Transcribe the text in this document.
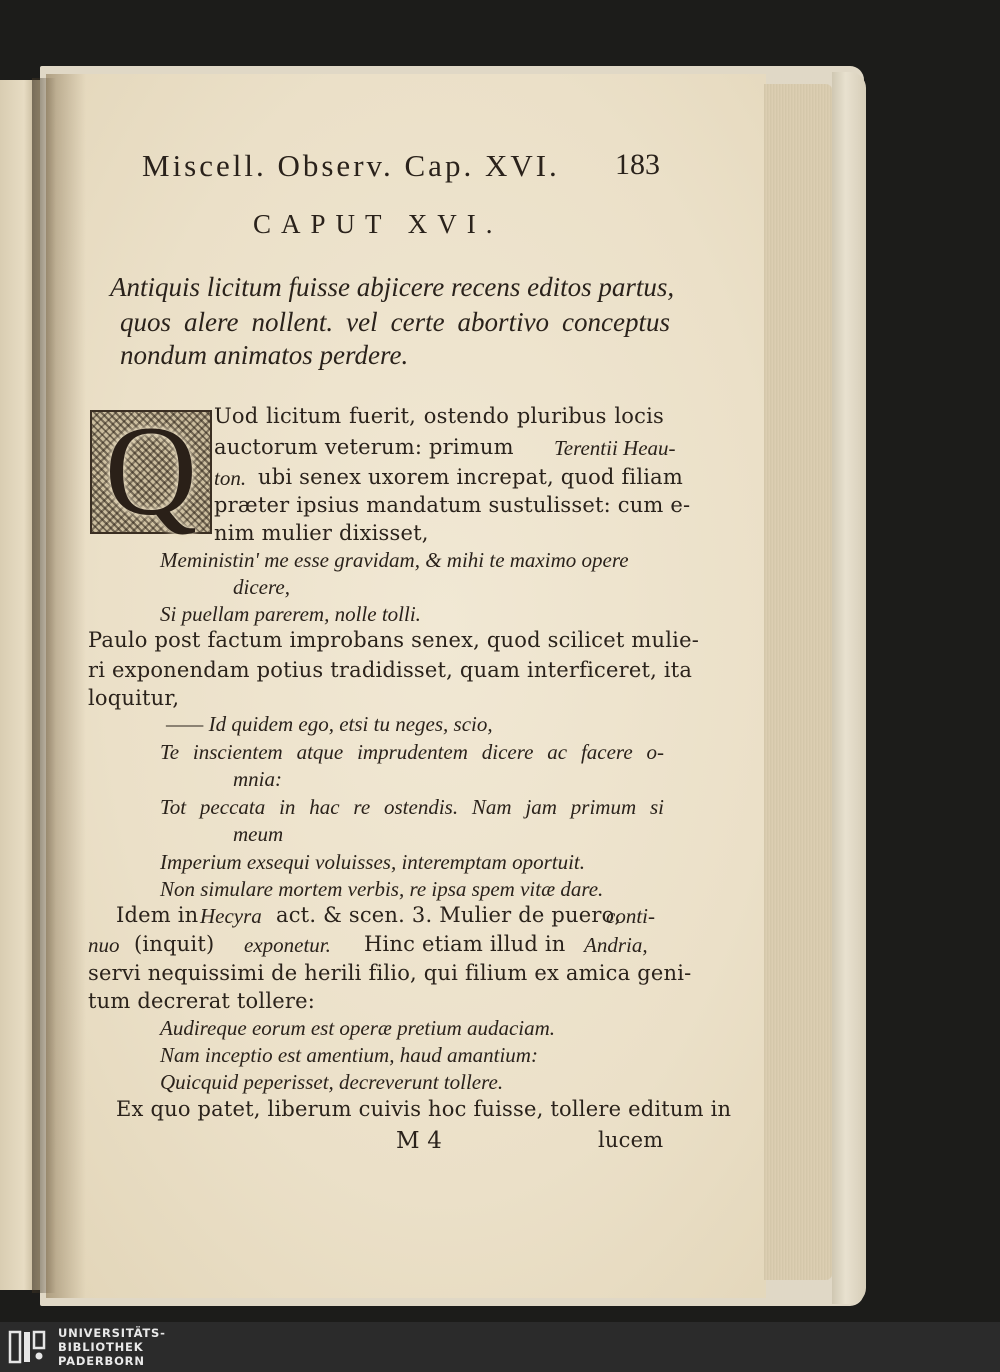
Miscell. Observ. Cap. XVI. 183
CAPUT XVI.
Antiquis licitum fuisse abjicere recens editos partus,
quos alere nollent. vel certe abortivo conceptus
nondum animatos perdere.
Q Uod licitum fuerit, ostendo pluribus locis
auctorum veterum: primum Terentii Heau-
ton. ubi senex uxorem increpat, quod filiam
præter ipsius mandatum sustulisset: cum e-
nim mulier dixisset,
Meministin' me esse gravidam, & mihi te maximo opere
dicere,
Si puellam parerem, nolle tolli.
Paulo post factum improbans senex, quod scilicet mulie-
ri exponendam potius tradidisset, quam interficeret, ita
loquitur,
—— Id quidem ego, etsi tu neges, scio,
Te inscientem atque imprudentem dicere ac facere o-
mnia:
Tot peccata in hac re ostendis. Nam jam primum si
meum
Imperium exsequi voluisses, interemptam oportuit.
Non simulare mortem verbis, re ipsa spem vitæ dare.
Idem in Hecyra act. & scen. 3. Mulier de puero,
conti-
nuo (inquit) exponetur. Hinc etiam illud in Andria,
servi nequissimi de herili filio, qui filium ex amica geni-
tum decrerat tollere:
Audireque eorum est operæ pretium audaciam.
Nam inceptio est amentium, haud amantium:
Quicquid peperisset, decreverunt tollere.
Ex quo patet, liberum cuivis hoc fuisse, tollere editum in
M 4	lucem
UNIVERSITÄTS-
BIBLIOTHEK
PADERBORN
